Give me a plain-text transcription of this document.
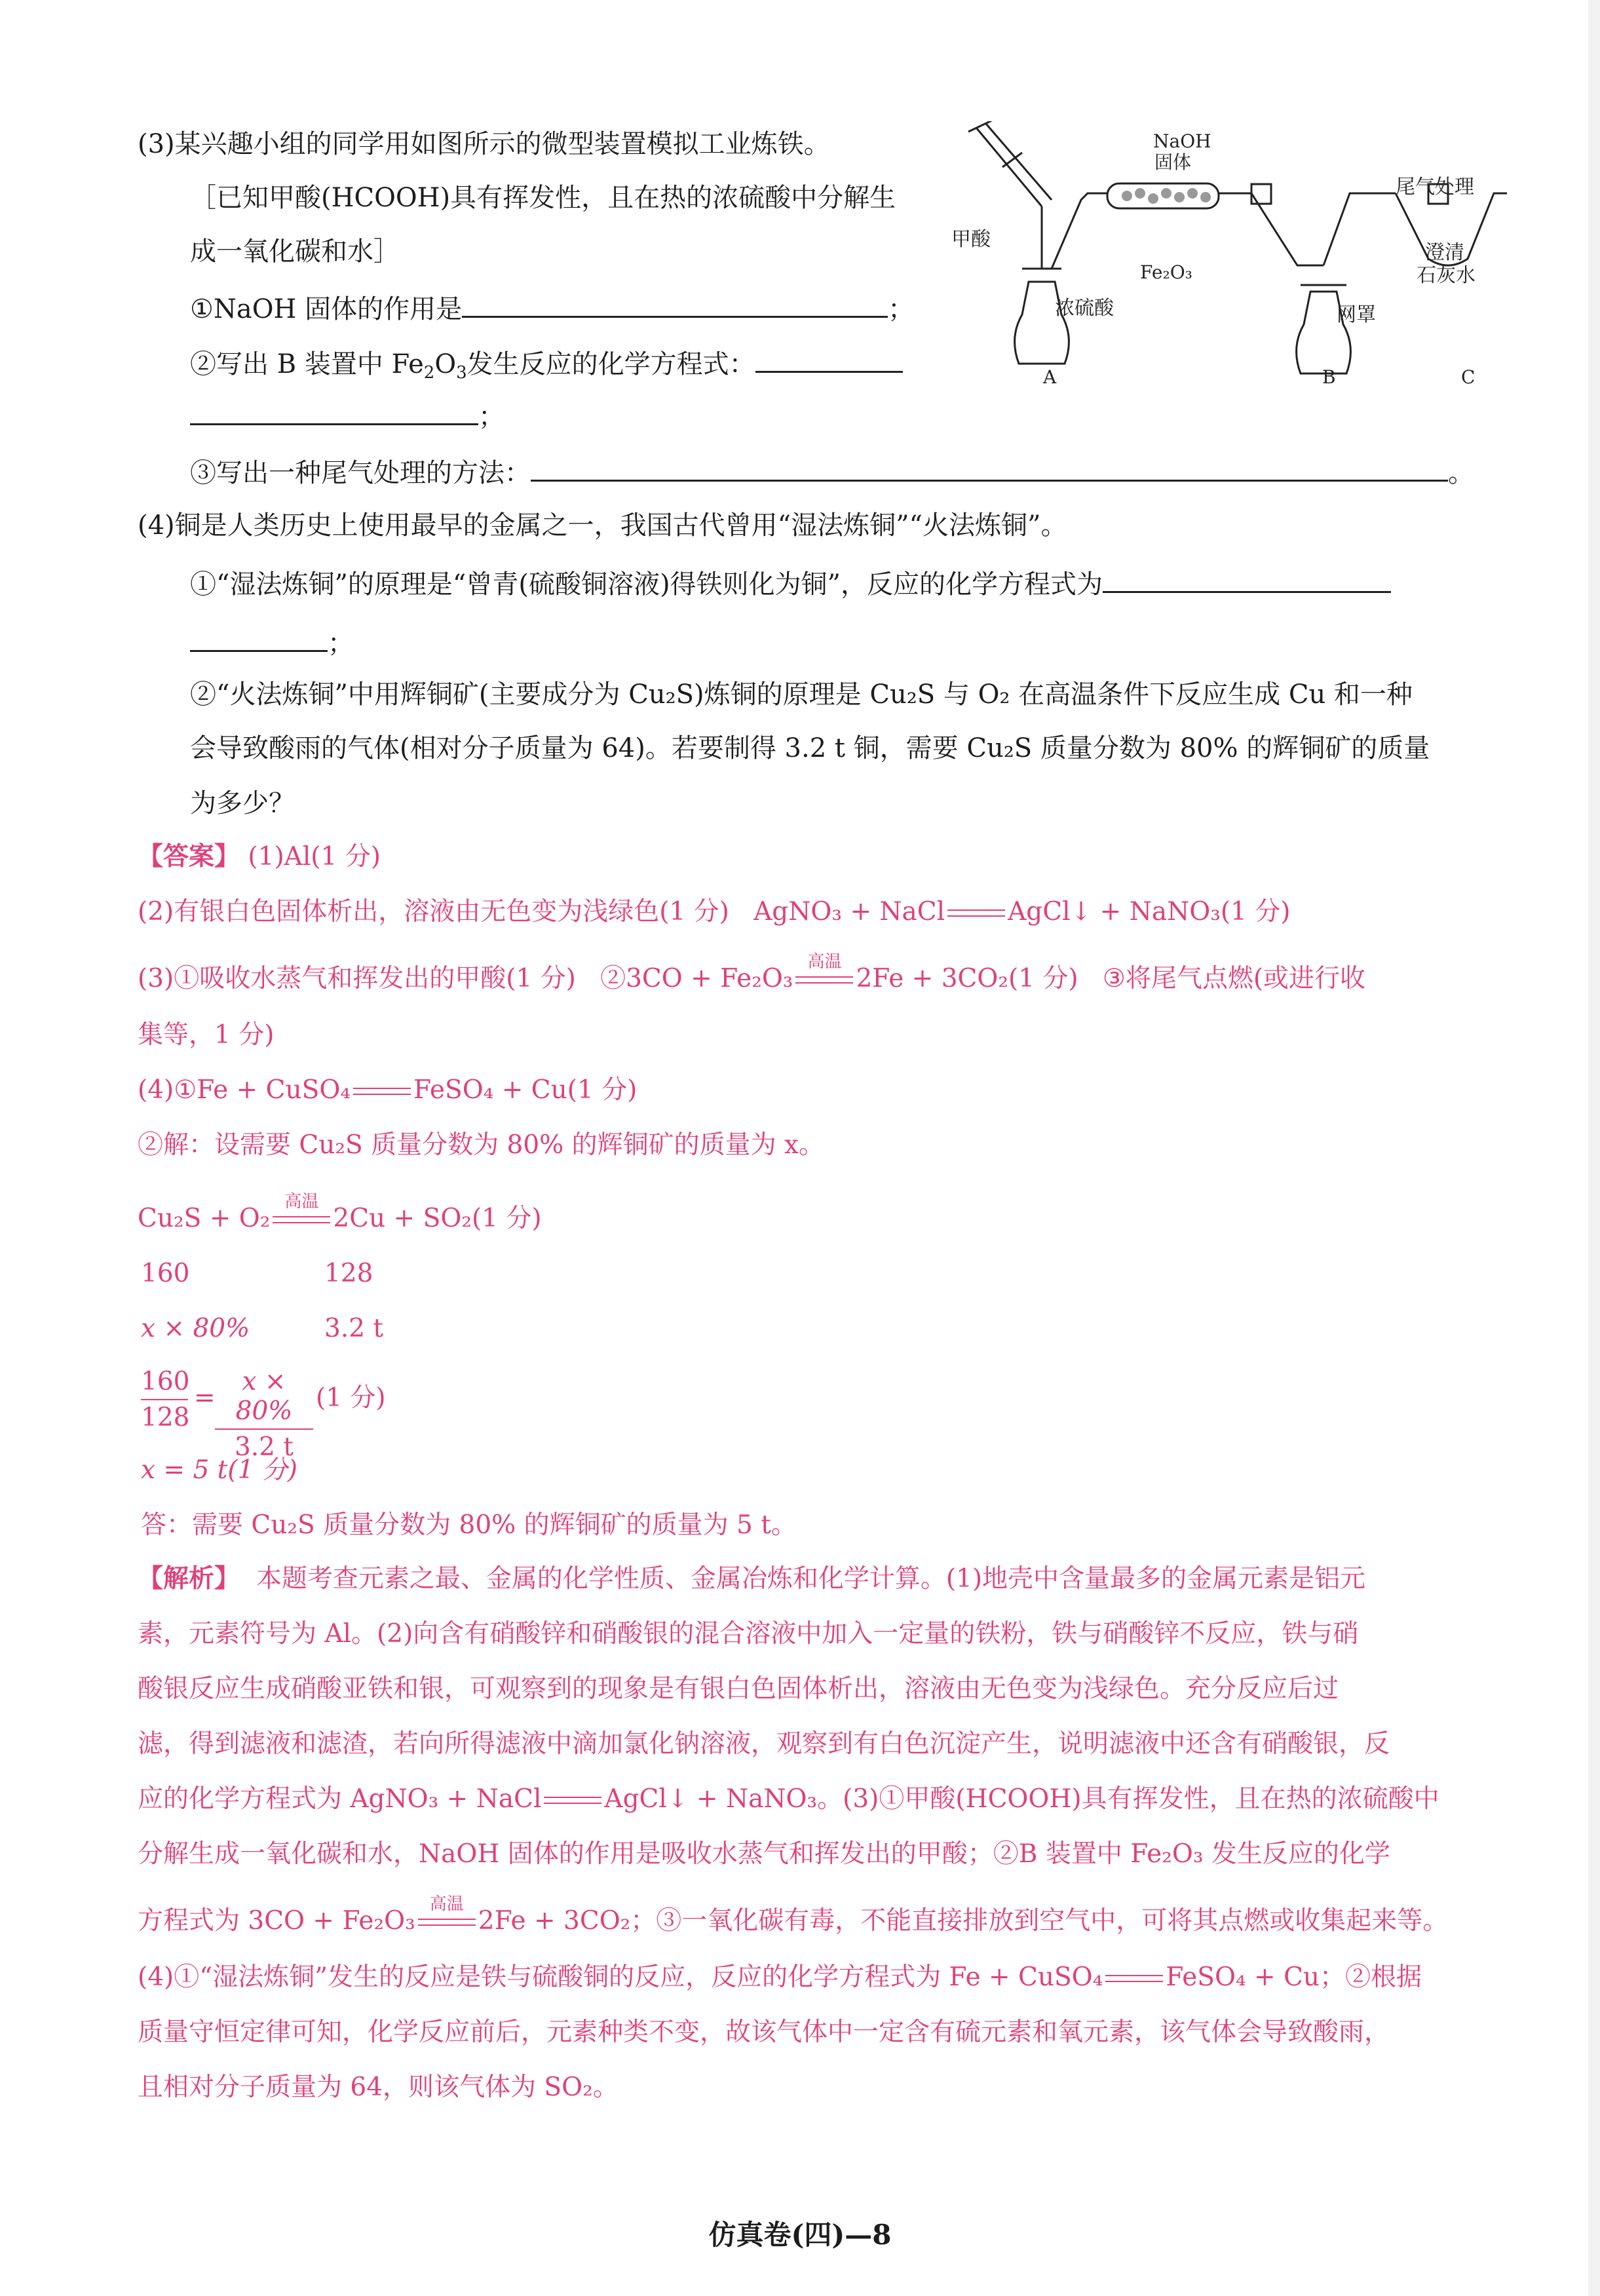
(3)某兴趣小组的同学用如图所示的微型装置模拟工业炼铁。
［已知甲酸(HCOOH)具有挥发性，且在热的浓硫酸中分解生
成一氧化碳和水］
①NaOH 固体的作用是	；
②写出 B 装置中 $Fe_2O_3$发生反应的化学方程式：
；
③写出一种尾气处理的方法：	。
NaOH
固体
尾气处理
甲酸
澄清
石灰水
Fe₂O₃
浓硫酸	网罩
A	B	C
(4)铜是人类历史上使用最早的金属之一，我国古代曾用“湿法炼铜”“火法炼铜”。
①“湿法炼铜”的原理是“曾青(硫酸铜溶液)得铁则化为铜”，反应的化学方程式为
；
②“火法炼铜”中用辉铜矿(主要成分为 Cu₂S)炼铜的原理是 Cu₂S 与 O₂ 在高温条件下反应生成 Cu 和一种
会导致酸雨的气体(相对分子质量为 64)。若要制得 3.2 t 铜，需要 Cu₂S 质量分数为 80% 的辉铜矿的质量
为多少？
【答案】 (1)Al(1 分)
(2)有银白色固体析出，溶液由无色变为浅绿色(1 分) AgNO₃ + NaCl AgCl↓ + NaNO₃(1 分)
(3)①吸收水蒸气和挥发出的甲酸(1 分) ②3CO + Fe₂O₃
高温
2Fe + 3CO₂(1 分) ③将尾气点燃(或进行收
集等，1 分)
(4)①Fe + CuSO₄ FeSO₄ + Cu(1 分)
②解：设需要 Cu₂S 质量分数为 80% 的辉铜矿的质量为 x。
Cu₂S + O₂
高温
2Cu + SO₂(1 分)
160	128
x × 80%	3.2 t
160
128
=
x × 80%
3.2 t
(1 分)
x = 5 t(1 分)
答：需要 Cu₂S 质量分数为 80% 的辉铜矿的质量为 5 t。
【解析】 本题考查元素之最、金属的化学性质、金属冶炼和化学计算。(1)地壳中含量最多的金属元素是铝元
素，元素符号为 Al。(2)向含有硝酸锌和硝酸银的混合溶液中加入一定量的铁粉，铁与硝酸锌不反应，铁与硝
酸银反应生成硝酸亚铁和银，可观察到的现象是有银白色固体析出，溶液由无色变为浅绿色。充分反应后过
滤，得到滤液和滤渣，若向所得滤液中滴加氯化钠溶液，观察到有白色沉淀产生，说明滤液中还含有硝酸银，反
应的化学方程式为 AgNO₃ + NaCl AgCl↓ + NaNO₃。(3)①甲酸(HCOOH)具有挥发性，且在热的浓硫酸中
分解生成一氧化碳和水，NaOH 固体的作用是吸收水蒸气和挥发出的甲酸；②B 装置中 Fe₂O₃ 发生反应的化学
方程式为 3CO + Fe₂O₃
高温
2Fe + 3CO₂；③一氧化碳有毒，不能直接排放到空气中，可将其点燃或收集起来等。
(4)①“湿法炼铜”发生的反应是铁与硫酸铜的反应，反应的化学方程式为 Fe + CuSO₄ FeSO₄ + Cu；②根据
质量守恒定律可知，化学反应前后，元素种类不变，故该气体中一定含有硫元素和氧元素，该气体会导致酸雨，
且相对分子质量为 64，则该气体为 SO₂。
仿真卷(四)—8
